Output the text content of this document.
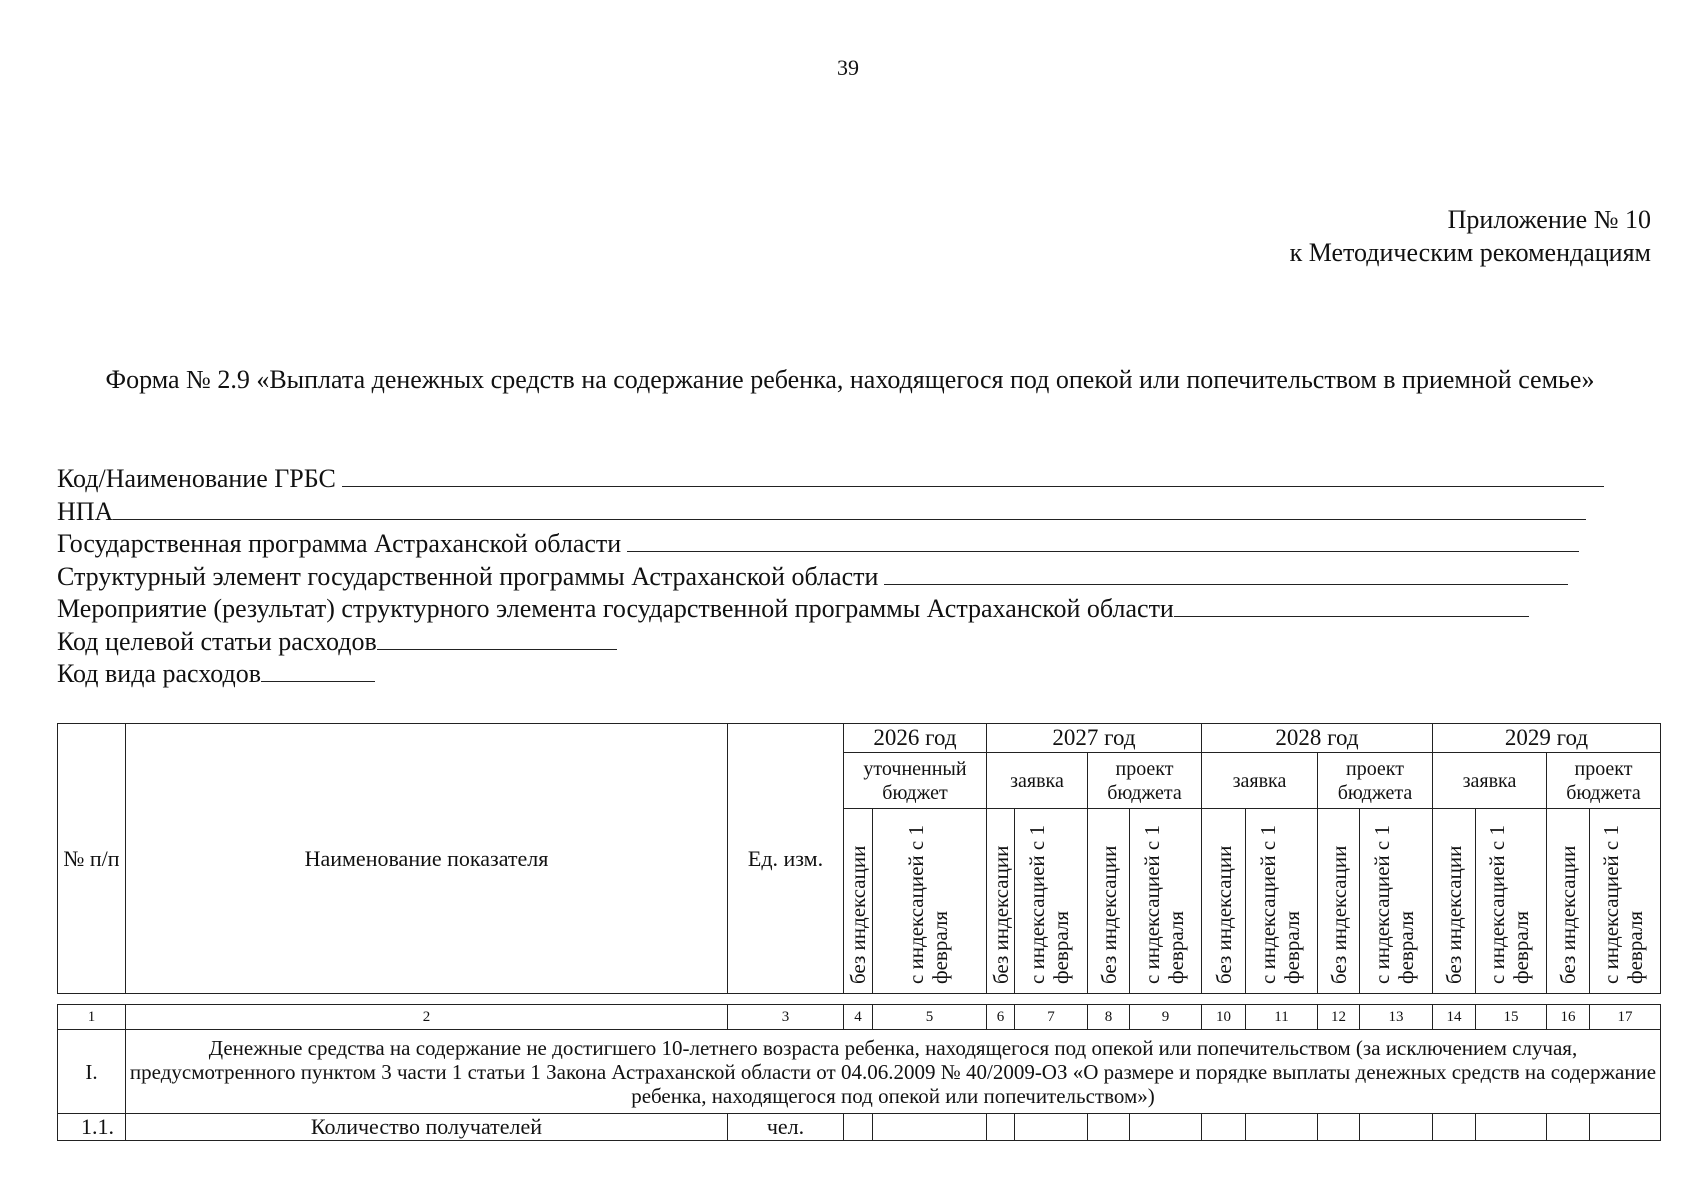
39
Приложение № 10
к Методическим рекомендациям
Форма № 2.9 «Выплата денежных средств на содержание ребенка, находящегося под опекой или попечительством в приемной семье»
Код/Наименование ГРБС
НПА
Государственная программа Астраханской области
Структурный элемент государственной программы Астраханской области
Мероприятие (результат) структурного элемента государственной программы Астраханской области
Код целевой статьи расходов
Код вида расходов
№ п/п	Наименование показателя	Ед. изм.	2026 год		2027 год				2028 год				2029 год			
			уточненный бюджет		заявка		проект бюджета		заявка		проект бюджета		заявка		проект бюджета	
			без индексации	с индексацией с 1 февраля	без индексации	с индексацией с 1 февраля	без индексации	с индексацией с 1 февраля	без индексации	с индексацией с 1 февраля	без индексации	с индексацией с 1 февраля	без индексации	с индексацией с 1 февраля	без индексации	с индексацией с 1 февраля

1	2	3	4	5	6	7	8	9	10	11	12	13	14	15	16	17
I.	Денежные средства на содержание не достигшего 10-летнего возраста ребенка, находящегося под опекой или попечительством (за исключением случая, предусмотренного пунктом 3 части 1 статьи 1 Закона Астраханской области от 04.06.2009 № 40/2009-ОЗ «О размере и порядке выплаты денежных средств на содержание ребенка, находящегося под опекой или попечительством»)															
1.1.	Количество получателей	чел.														
